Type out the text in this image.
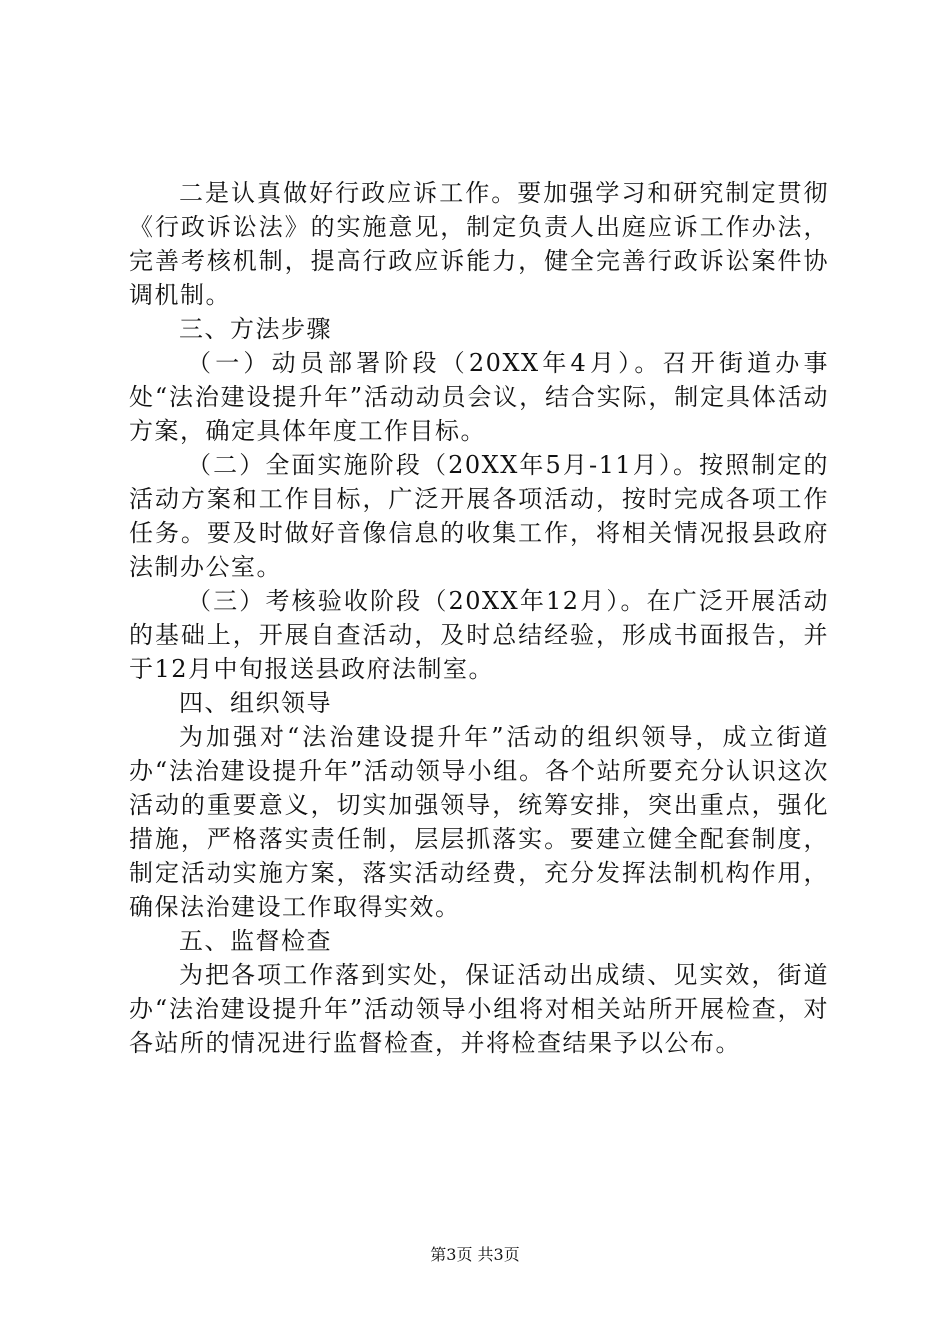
二是认真做好行政应诉工作。要加强学习和研究制定贯彻《行政诉讼法》的实施意见，制定负责人出庭应诉工作办法，完善考核机制，提高行政应诉能力，健全完善行政诉讼案件协调机制。

三、方法步骤

（一）动员部署阶段（20XX年4月）。召开街道办事处“法治建设提升年”活动动员会议，结合实际，制定具体活动方案，确定具体年度工作目标。

（二）全面实施阶段（20XX年5月-11月）。按照制定的活动方案和工作目标，广泛开展各项活动，按时完成各项工作任务。要及时做好音像信息的收集工作，将相关情况报县政府法制办公室。

（三）考核验收阶段（20XX年12月）。在广泛开展活动的基础上，开展自查活动，及时总结经验，形成书面报告，并于12月中旬报送县政府法制室。

四、组织领导

为加强对“法治建设提升年”活动的组织领导，成立街道办“法治建设提升年”活动领导小组。各个站所要充分认识这次活动的重要意义，切实加强领导，统筹安排，突出重点，强化措施，严格落实责任制，层层抓落实。要建立健全配套制度，制定活动实施方案，落实活动经费，充分发挥法制机构作用，确保法治建设工作取得实效。

五、监督检查

为把各项工作落到实处，保证活动出成绩、见实效，街道办“法治建设提升年”活动领导小组将对相关站所开展检查，对各站所的情况进行监督检查，并将检查结果予以公布。

第3页 共3页
